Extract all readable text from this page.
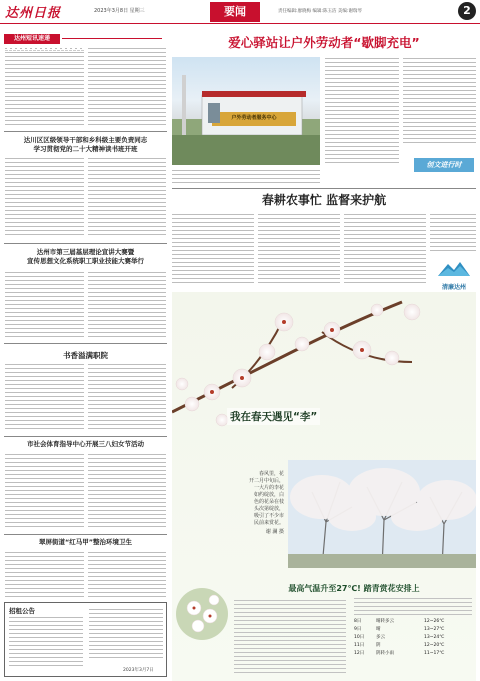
达州日报	2023年3月8日 星期三	要闻	责任编辑:廖晓梅 编辑:陈玉洁 美编:谢瑞琴	2
达州短讯速递
达川区区级领导干部和乡科级主要负责同志
学习贯彻党的二十大精神读书班开班
达州市第三届基层理论宣讲大赛暨
宣传思想文化系统职工职业技能大赛举行
书香溢满职院
市社会体育指导中心开展三八妇女节活动
翠屏街道“红马甲”整治环境卫生
招租公告
2023年3月7日
爱心驿站让户外劳动者“歇脚充电”
户外劳动者服务中心
创文进行时
春耕农事忙 监督来护航
清廉达州
我在春天遇见“李”
春风里，花
开二月中旬后，
一大片的李花
如约绽放，白
色的花朵在枝
头次第绽放，
吸引了不少市
民前来赏花。
谢 澜 摄
最高气温升至27℃! 踏青赏花安排上
8日	晴转多云	12~26℃
9日	晴	13~27℃
10日	多云	13~24℃
11日	阴	12~20℃
12日	阴转小雨	11~17℃
